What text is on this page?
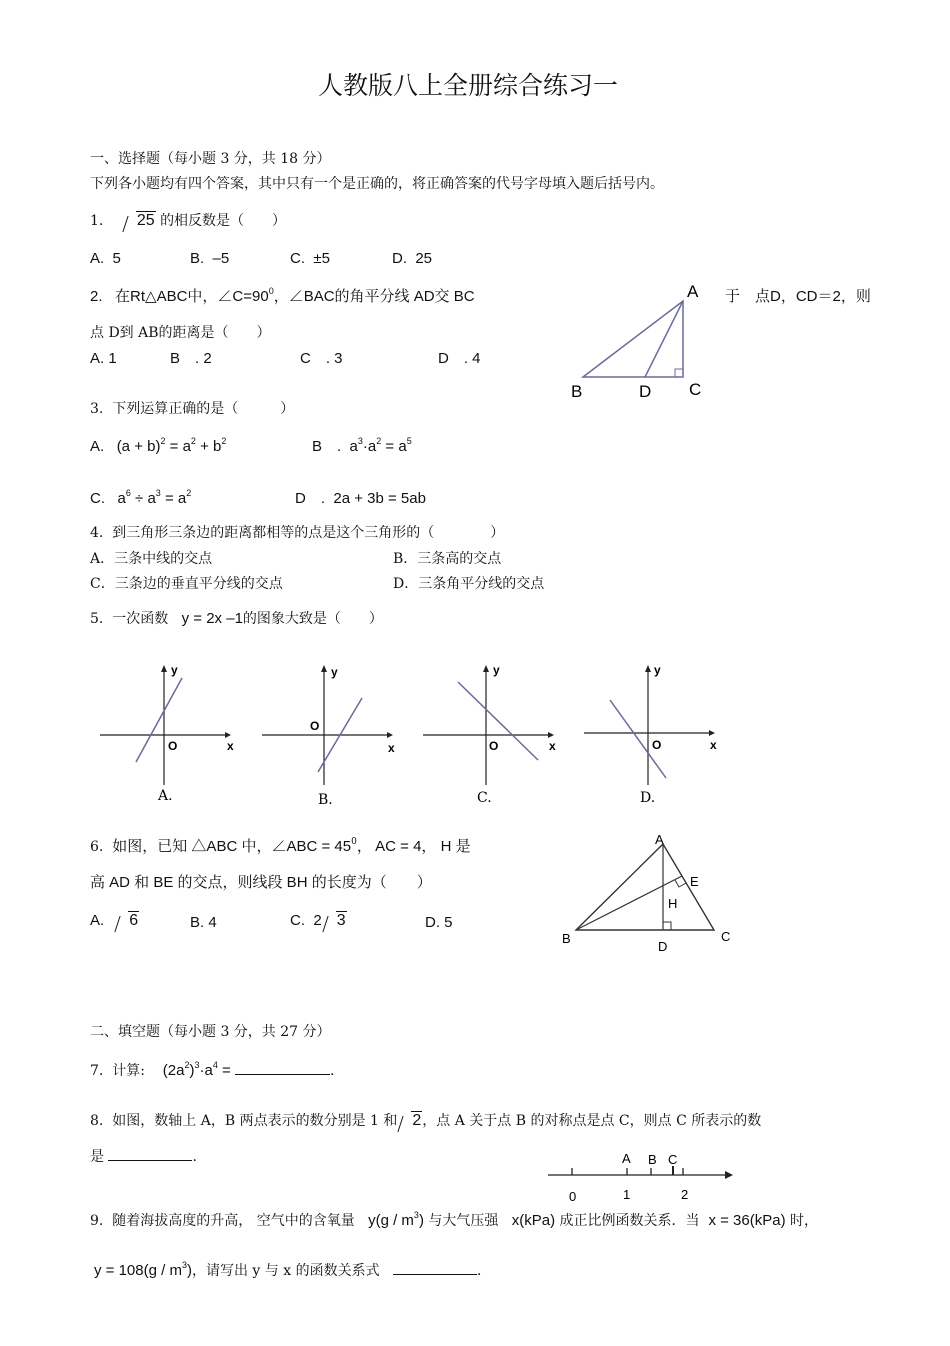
人教版八上全册综合练习一
一、选择题（每小题 3 分，共 18 分）
下列各小题均有四个答案，其中只有一个是正确的，将正确答案的代号字母填入题后括号内。
1. 25 的相反数是（　　）
A. 5	B. –5	C. ±5	D. 25
2. 在Rt△ABC中，$\angle C=90^0$，∠BAC的角平分线 AD交 BC	于　点D，CD＝2，则
点 D到 AB的距离是（　　）
A. 1	B　. 2	C　. 3	D　. 4
A
B	C
D
3. 下列运算正确的是（　　　）
A.   $(a + b)^2 = a^2 + b^2$	B　.  $a^3\cdot a^2 = a^5$
C.   $a^6 \div a^3 = a^2$	D　. 2a + 3b = 5ab
4. 到三角形三条边的距离都相等的点是这个三角形的（　　　　）
A．三条中线的交点	B．三条高的交点
C．三条边的垂直平分线的交点	D．三条角平分线的交点
5. 一次函数 y = 2x –1的图象大致是（　　）
y
x
O
A.
y
x
O
B.
y
x
O
C.
y
x
O
D.
6. 如图，已知 △ABC 中，∠ABC = $45^0$， AC = 4， H 是
高 AD 和 BE 的交点，则线段 BH 的长度为（　　）
A. 6	B. 4	C. 2 3	D. 5
A
B	C
D
E
H
二、填空题（每小题 3 分，共 27 分）
7. 计算: $(2a^2)^3\cdot a^4$ =	.
8. 如图，数轴上 A，B 两点表示的数分别是 1 和 2，点 A 关于点 B 的对称点是点 C，则点 C 所表示的数
是	.	A B C
0	1	2
9. 随着海拔高度的升高， 空气中的含氧量 $y(g / m^3)$ 与大气压强 x(kPa) 成正比例函数关系．当 x = 36(kPa) 时，
$y = 108(g / m^3)$，请写出 y 与 x 的函数关系式	.
